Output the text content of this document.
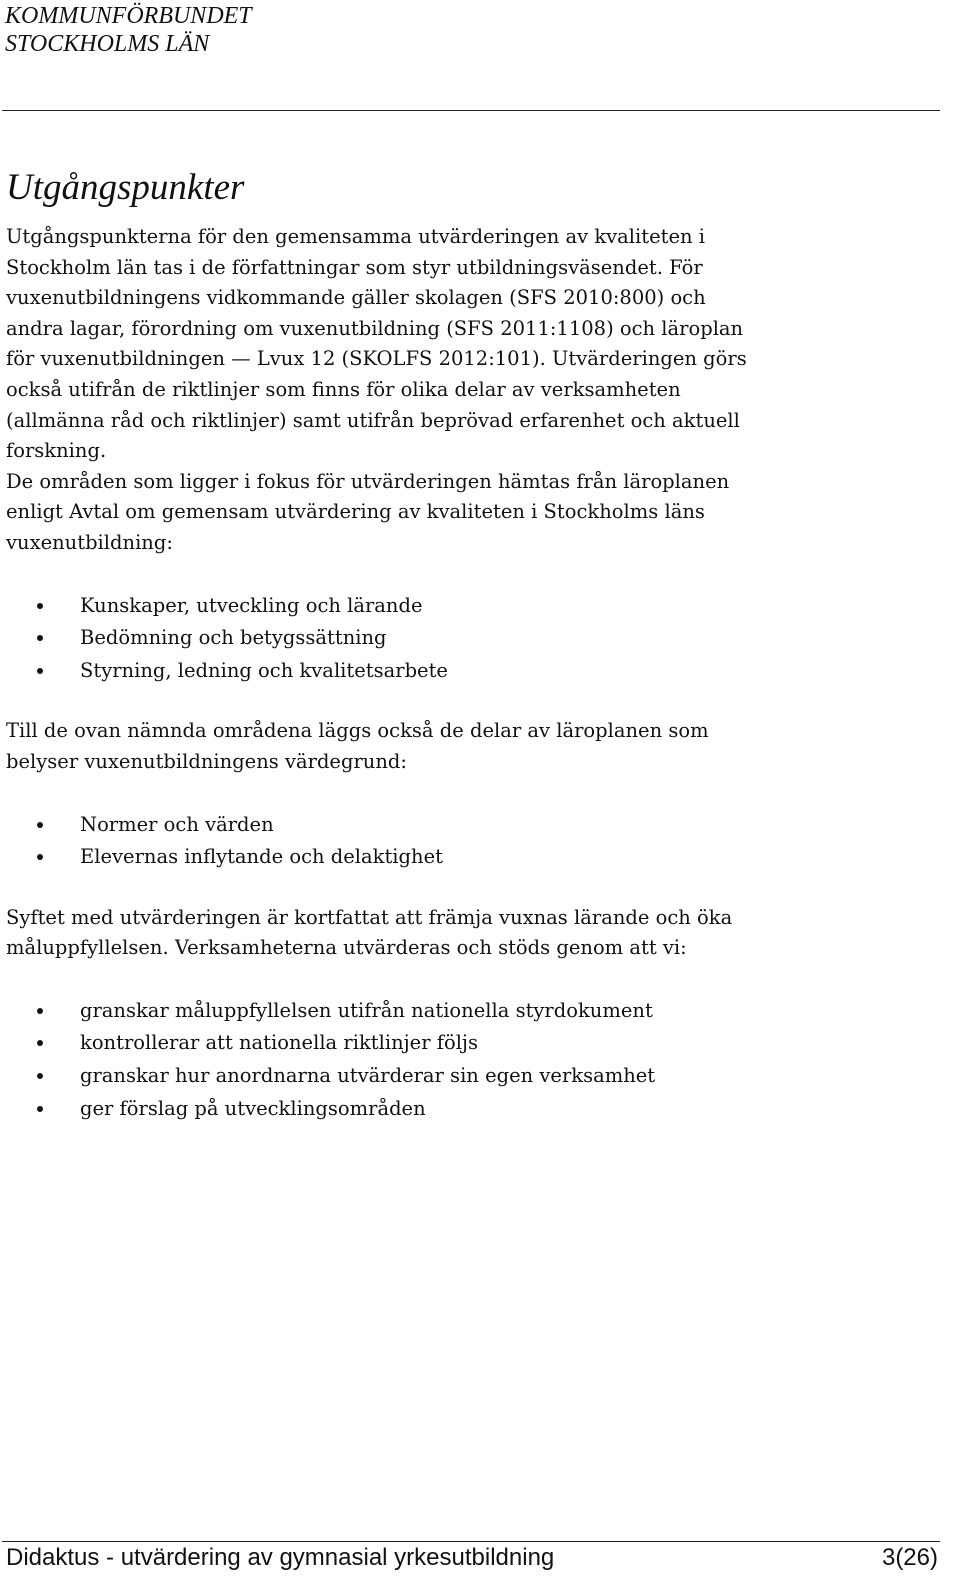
KOMMUNFÖRBUNDET
STOCKHOLMS LÄN
Utgångspunkter

Utgångspunkterna för den gemensamma utvärderingen av kvaliteten i
Stockholm län tas i de författningar som styr utbildningsväsendet. För
vuxenutbildningens vidkommande gäller skolagen (SFS 2010:800) och
andra lagar, förordning om vuxenutbildning (SFS 2011:1108) och läroplan
för vuxenutbildningen — Lvux 12 (SKOLFS 2012:101). Utvärderingen görs
också utifrån de riktlinjer som finns för olika delar av verksamheten
(allmänna råd och riktlinjer) samt utifrån beprövad erfarenhet och aktuell
forskning.
De områden som ligger i fokus för utvärderingen hämtas från läroplanen
enligt Avtal om gemensam utvärdering av kvaliteten i Stockholms läns
vuxenutbildning:

Kunskaper, utveckling och lärande
Bedömning och betygssättning
Styrning, ledning och kvalitetsarbete

Till de ovan nämnda områdena läggs också de delar av läroplanen som
belyser vuxenutbildningens värdegrund:

Normer och värden
Elevernas inflytande och delaktighet

Syftet med utvärderingen är kortfattat att främja vuxnas lärande och öka
måluppfyllelsen. Verksamheterna utvärderas och stöds genom att vi:

granskar måluppfyllelsen utifrån nationella styrdokument
kontrollerar att nationella riktlinjer följs
granskar hur anordnarna utvärderar sin egen verksamhet
ger förslag på utvecklingsområden
Didaktus - utvärdering av gymnasial yrkesutbildning	3(26)
